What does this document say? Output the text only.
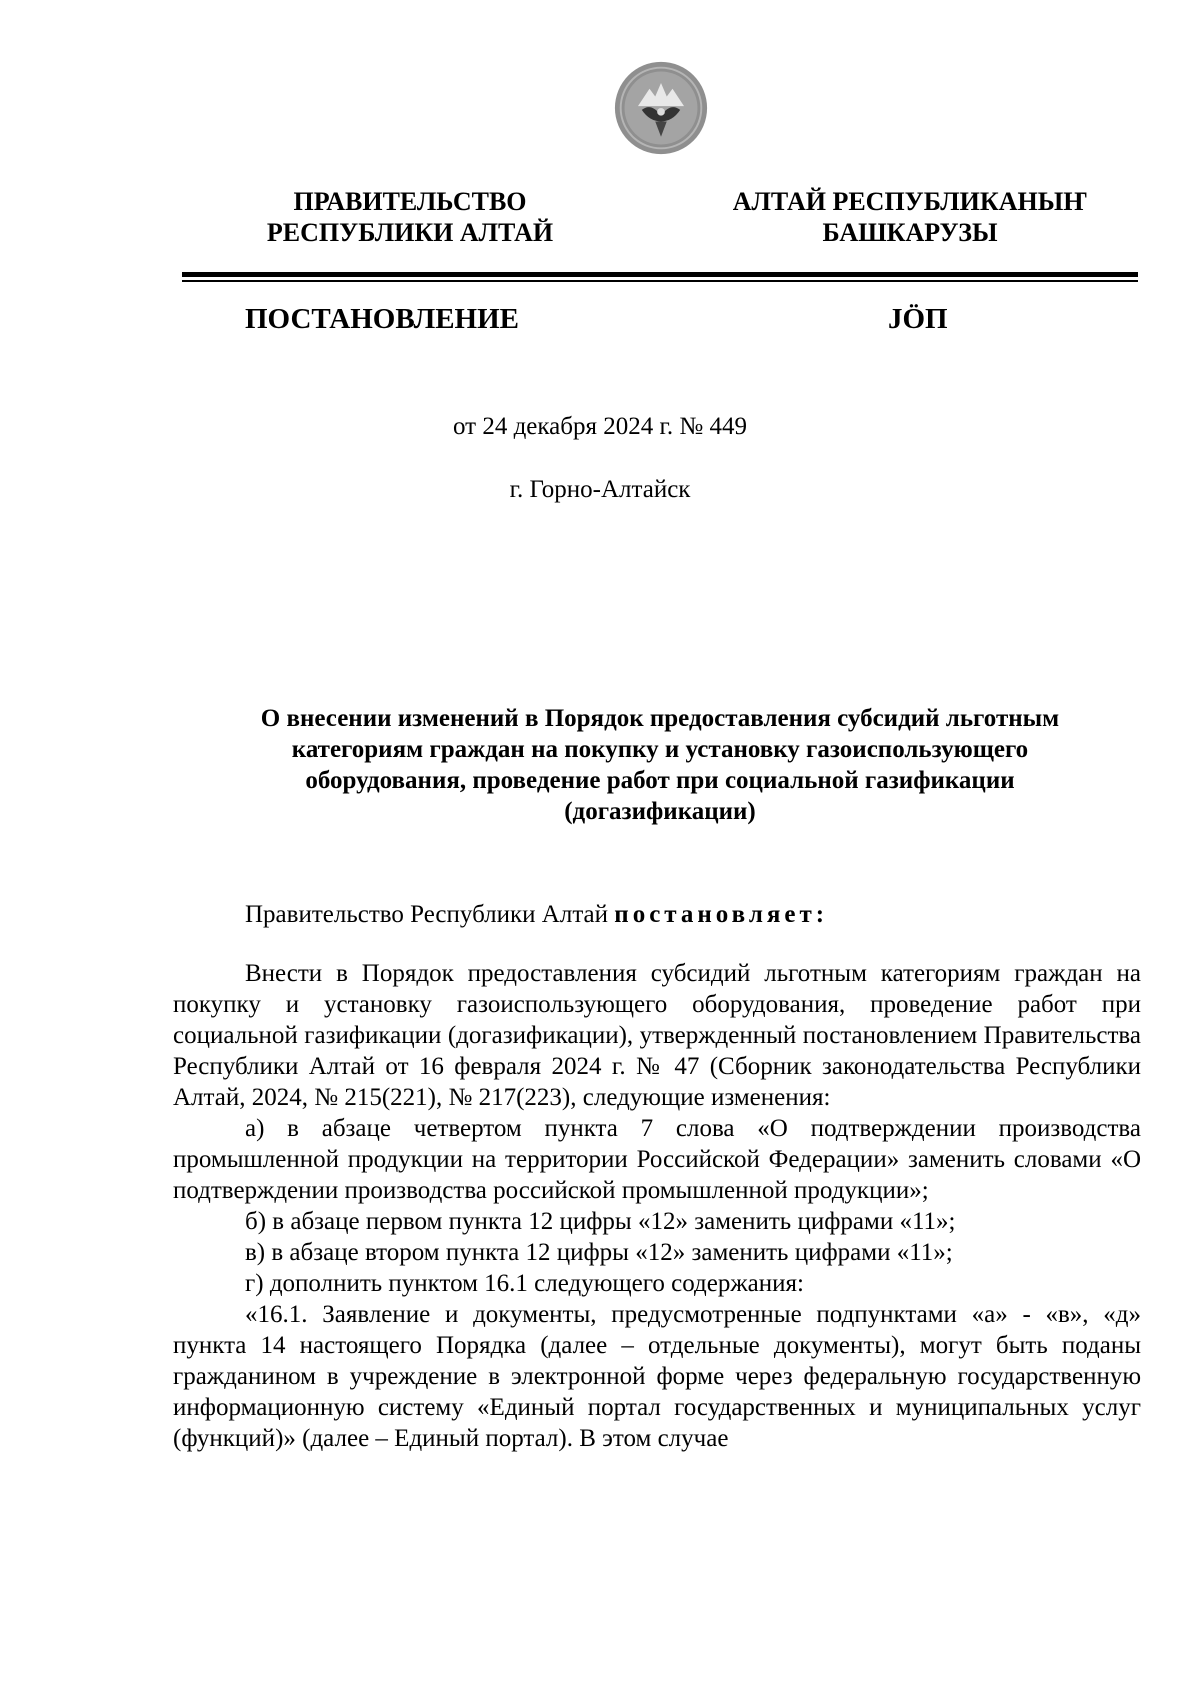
ПРАВИТЕЛЬСТВО
РЕСПУБЛИКИ АЛТАЙ
АЛТАЙ РЕСПУБЛИКАНЫҤ
БАШКАРУЗЫ
ПОСТАНОВЛЕНИЕ	JÖП
от 24 декабря 2024 г. № 449
г. Горно-Алтайск
О внесении изменений в Порядок предоставления субсидий льготным
категориям граждан на покупку и установку газоиспользующего
оборудования, проведение работ при социальной газификации
(догазификации)
Правительство Республики Алтай постановляет:

Внести в Порядок предоставления субсидий льготным категориям граждан на покупку и установку газоиспользующего оборудования, проведение работ при социальной газификации (догазификации), утвержденный постановлением Правительства Республики Алтай от 16 февраля 2024 г. № 47 (Сборник законодательства Республики Алтай, 2024, № 215(221), № 217(223), следующие изменения:

а) в абзаце четвертом пункта 7 слова «О подтверждении производства промышленной продукции на территории Российской Федерации» заменить словами «О подтверждении производства российской промышленной продукции»;

б) в абзаце первом пункта 12 цифры «12» заменить цифрами «11»;

в) в абзаце втором пункта 12 цифры «12» заменить цифрами «11»;

г) дополнить пунктом 16.1 следующего содержания:

«16.1. Заявление и документы, предусмотренные подпунктами «а» - «в», «д» пункта 14 настоящего Порядка (далее – отдельные документы), могут быть поданы гражданином в учреждение в электронной форме через федеральную государственную информационную систему «Единый портал государственных и муниципальных услуг (функций)» (далее – Единый портал). В этом случае
